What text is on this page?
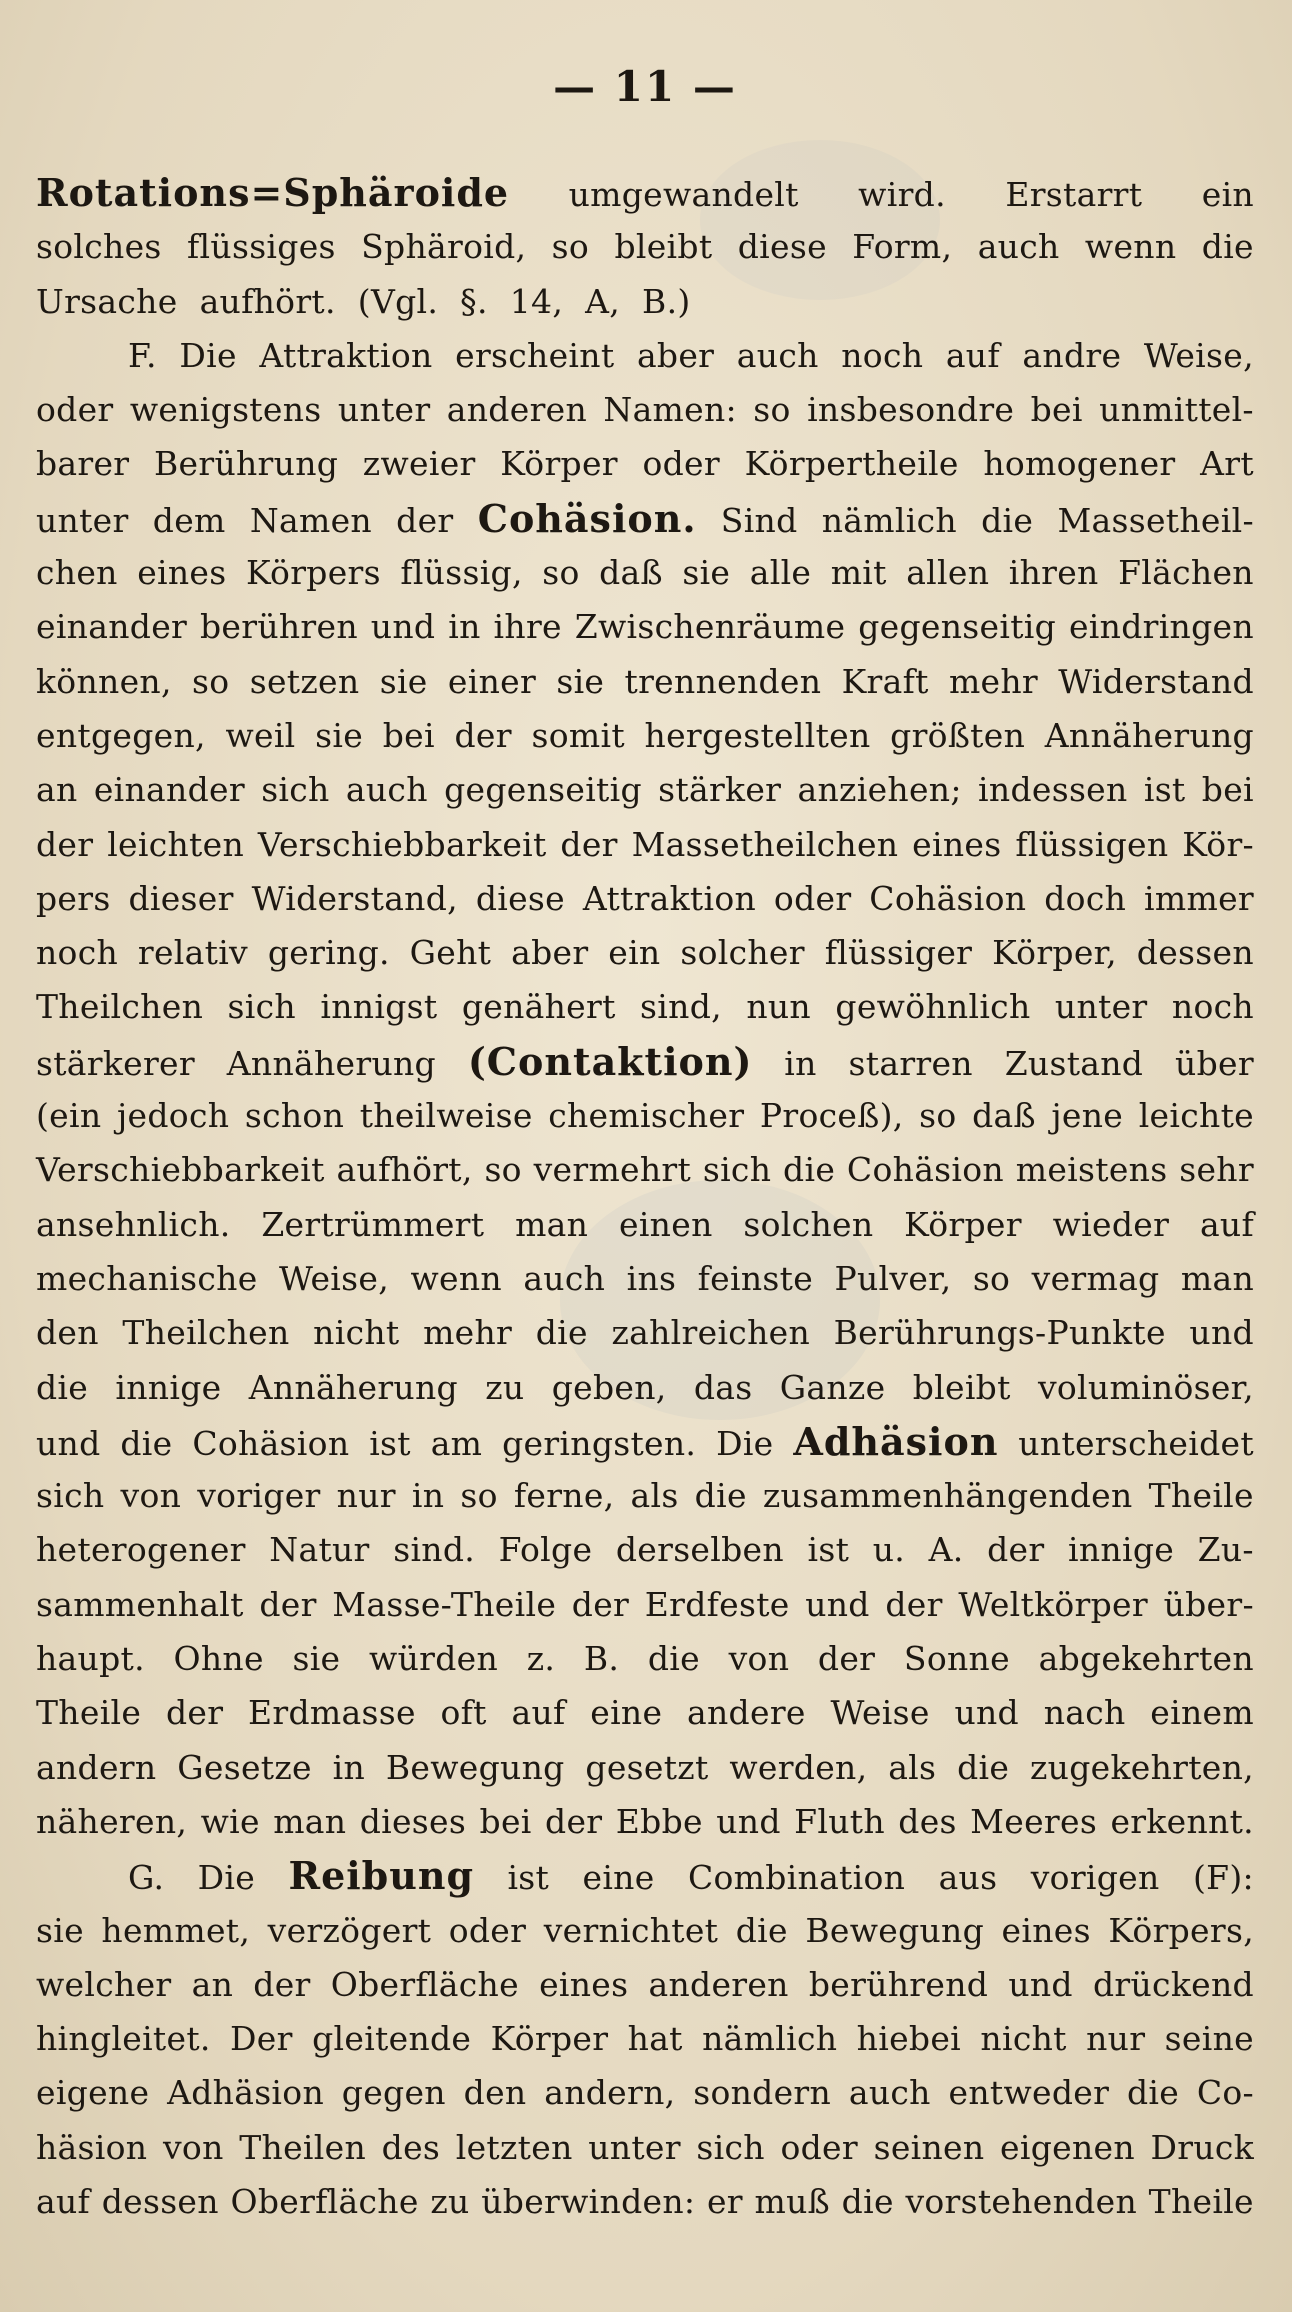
— 11 —
Rotations=Sphäroide umgewandelt wird. Erstarrt ein
solches flüssiges Sphäroid, so bleibt diese Form, auch wenn die
Ursache aufhört. (Vgl. §. 14, A, B.)
F. Die Attraktion erscheint aber auch noch auf andre Weise,
oder wenigstens unter anderen Namen: so insbesondre bei unmittel-
barer Berührung zweier Körper oder Körpertheile homogener Art
unter dem Namen der Cohäsion. Sind nämlich die Massetheil-
chen eines Körpers flüssig, so daß sie alle mit allen ihren Flächen
einander berühren und in ihre Zwischenräume gegenseitig eindringen
können, so setzen sie einer sie trennenden Kraft mehr Widerstand
entgegen, weil sie bei der somit hergestellten größten Annäherung
an einander sich auch gegenseitig stärker anziehen; indessen ist bei
der leichten Verschiebbarkeit der Massetheilchen eines flüssigen Kör-
pers dieser Widerstand, diese Attraktion oder Cohäsion doch immer
noch relativ gering. Geht aber ein solcher flüssiger Körper, dessen
Theilchen sich innigst genähert sind, nun gewöhnlich unter noch
stärkerer Annäherung (Contaktion) in starren Zustand über
(ein jedoch schon theilweise chemischer Proceß), so daß jene leichte
Verschiebbarkeit aufhört, so vermehrt sich die Cohäsion meistens sehr
ansehnlich. Zertrümmert man einen solchen Körper wieder auf
mechanische Weise, wenn auch ins feinste Pulver, so vermag man
den Theilchen nicht mehr die zahlreichen Berührungs-Punkte und
die innige Annäherung zu geben, das Ganze bleibt voluminöser,
und die Cohäsion ist am geringsten. Die Adhäsion unterscheidet
sich von voriger nur in so ferne, als die zusammenhängenden Theile
heterogener Natur sind. Folge derselben ist u. A. der innige Zu-
sammenhalt der Masse-Theile der Erdfeste und der Weltkörper über-
haupt. Ohne sie würden z. B. die von der Sonne abgekehrten
Theile der Erdmasse oft auf eine andere Weise und nach einem
andern Gesetze in Bewegung gesetzt werden, als die zugekehrten,
näheren, wie man dieses bei der Ebbe und Fluth des Meeres erkennt.
G. Die Reibung ist eine Combination aus vorigen (F):
sie hemmet, verzögert oder vernichtet die Bewegung eines Körpers,
welcher an der Oberfläche eines anderen berührend und drückend
hingleitet. Der gleitende Körper hat nämlich hiebei nicht nur seine
eigene Adhäsion gegen den andern, sondern auch entweder die Co-
häsion von Theilen des letzten unter sich oder seinen eigenen Druck
auf dessen Oberfläche zu überwinden: er muß die vorstehenden Theile
